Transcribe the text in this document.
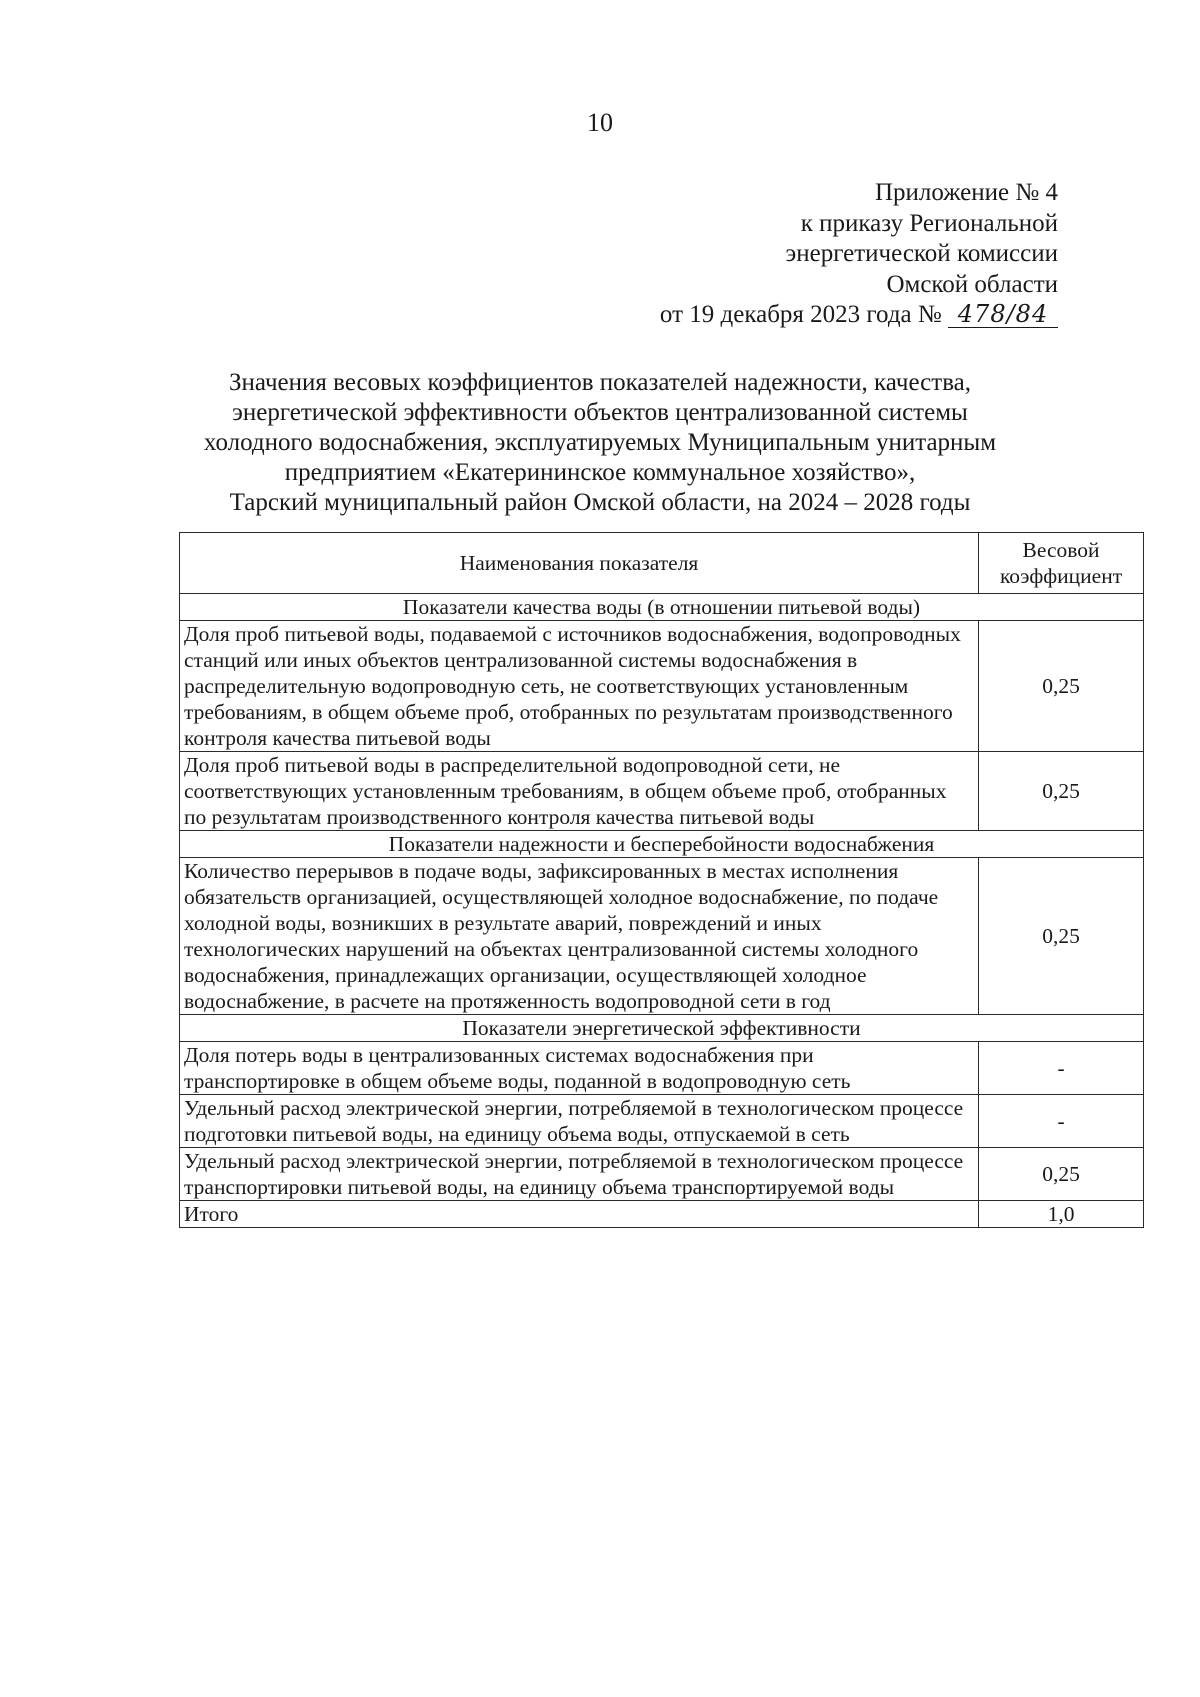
10
Приложение № 4
к приказу Региональной
энергетической комиссии
Омской области
от 19 декабря 2023 года № 478/84
Значения весовых коэффициентов показателей надежности, качества,
энергетической эффективности объектов централизованной системы
холодного водоснабжения, эксплуатируемых Муниципальным унитарным
предприятием «Екатерининское коммунальное хозяйство»,
Тарский муниципальный район Омской области, на 2024 – 2028 годы
Наименования показателя	Весовой коэффициент
Показатели качества воды (в отношении питьевой воды)	
Доля проб питьевой воды, подаваемой с источников водоснабжения, водопроводных станций или иных объектов централизованной системы водоснабжения в распределительную водопроводную сеть, не соответствующих установленным требованиям, в общем объеме проб, отобранных по результатам производственного контроля качества питьевой воды	0,25
Доля проб питьевой воды в распределительной водопроводной сети, не соответствующих установленным требованиям, в общем объеме проб, отобранных по результатам производственного контроля качества питьевой воды	0,25
Показатели надежности и бесперебойности водоснабжения	
Количество перерывов в подаче воды, зафиксированных в местах исполнения обязательств организацией, осуществляющей холодное водоснабжение, по подаче холодной воды, возникших в результате аварий, повреждений и иных технологических нарушений на объектах централизованной системы холодного водоснабжения, принадлежащих организации, осуществляющей холодное водоснабжение, в расчете на протяженность водопроводной сети в год	0,25
Показатели энергетической эффективности	
Доля потерь воды в централизованных системах водоснабжения при транспортировке в общем объеме воды, поданной в водопроводную сеть	-
Удельный расход электрической энергии, потребляемой в технологическом процессе подготовки питьевой воды, на единицу объема воды, отпускаемой в сеть	-
Удельный расход электрической энергии, потребляемой в технологическом процессе транспортировки питьевой воды, на единицу объема транспортируемой воды	0,25
Итого	1,0
